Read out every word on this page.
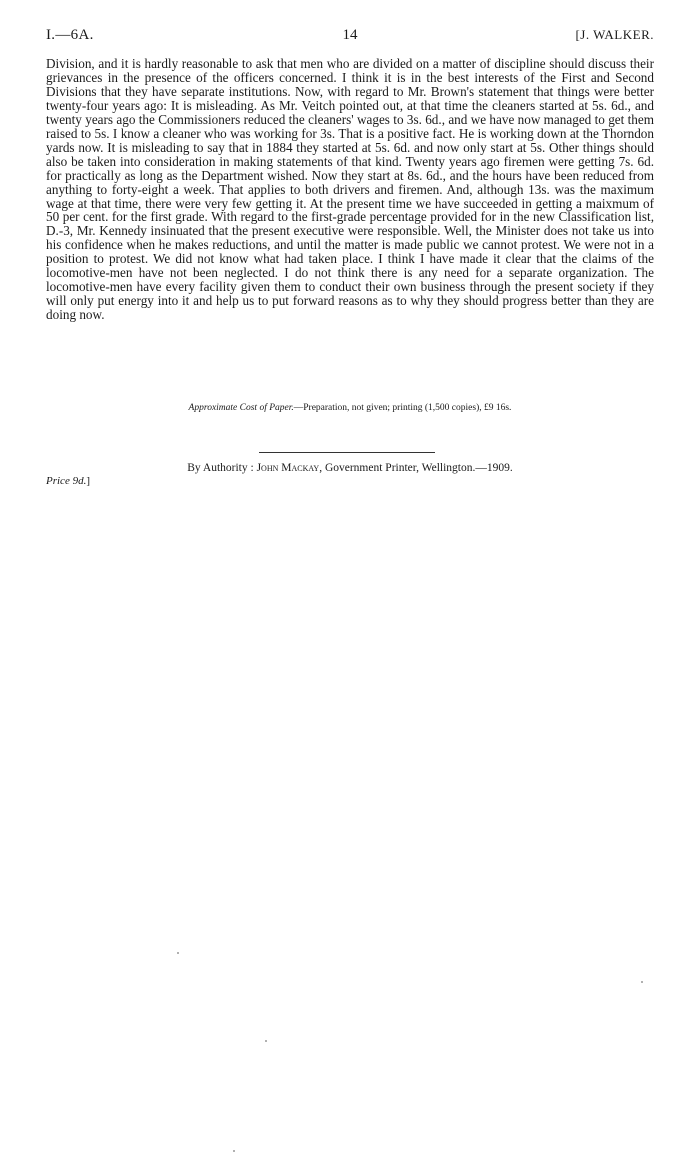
I.—6A.	14	[J. WALKER.

Division, and it is hardly reasonable to ask that men who are divided on a matter of discipline should discuss their grievances in the presence of the officers concerned. I think it is in the best interests of the First and Second Divisions that they have separate institutions. Now, with regard to Mr. Brown's statement that things were better twenty-four years ago: It is misleading. As Mr. Veitch pointed out, at that time the cleaners started at 5s. 6d., and twenty years ago the Commissioners reduced the cleaners' wages to 3s. 6d., and we have now managed to get them raised to 5s. I know a cleaner who was working for 3s. That is a positive fact. He is working down at the Thorndon yards now. It is misleading to say that in 1884 they started at 5s. 6d. and now only start at 5s. Other things should also be taken into consideration in making statements of that kind. Twenty years ago firemen were getting 7s. 6d. for practically as long as the Department wished. Now they start at 8s. 6d., and the hours have been reduced from anything to forty-eight a week. That applies to both drivers and firemen. And, although 13s. was the maximum wage at that time, there were very few getting it. At the present time we have succeeded in getting a maixmum of 50 per cent. for the first grade. With regard to the first-grade percentage provided for in the new Classification list, D.-3, Mr. Kennedy insinuated that the present executive were responsible. Well, the Minister does not take us into his confidence when he makes reductions, and until the matter is made public we cannot protest. We were not in a position to protest. We did not know what had taken place. I think I have made it clear that the claims of the locomotive-men have not been neglected. I do not think there is any need for a separate organization. The locomotive-men have every facility given them to conduct their own business through the present society if they will only put energy into it and help us to put forward reasons as to why they should progress better than they are doing now.

Approximate Cost of Paper.—Preparation, not given; printing (1,500 copies), £9 16s.
By Authority : John Mackay, Government Printer, Wellington.—1909.
Price 9d.]
